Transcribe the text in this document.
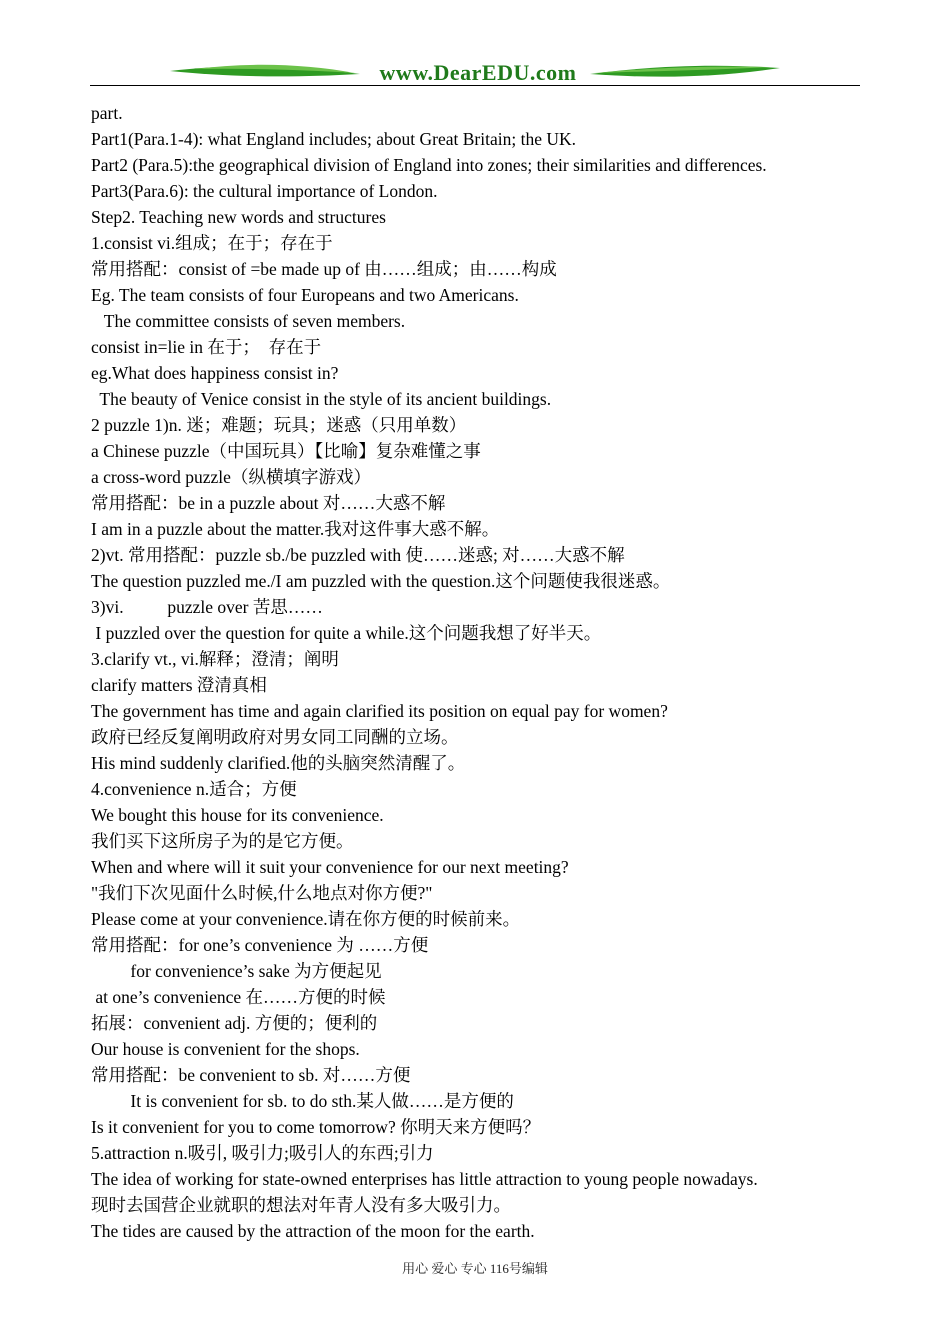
www.DearEDU.com
part.
Part1(Para.1-4): what England includes; about Great Britain; the UK.
Part2 (Para.5):the geographical division of England into zones; their similarities and differences.
Part3(Para.6): the cultural importance of London.
Step2. Teaching new words and structures
1.consist vi.组成；在于；存在于
常用搭配：consist of =be made up of 由……组成；由……构成
Eg. The team consists of four Europeans and two Americans.
The committee consists of seven members.
consist in=lie in 在于；  存在于
eg.What does happiness consist in?
The beauty of Venice consist in the style of its ancient buildings.
2 puzzle 1)n. 迷；难题；玩具；迷惑（只用单数）
a Chinese puzzle（中国玩具）【比喻】复杂难懂之事
a cross-word puzzle（纵横填字游戏）
常用搭配：be in a puzzle about 对……大惑不解
I am in a puzzle about the matter.我对这件事大惑不解。
2)vt. 常用搭配：puzzle sb./be puzzled with 使……迷惑; 对……大惑不解
The question puzzled me./I am puzzled with the question.这个问题使我很迷惑。
3)vi.          puzzle over 苦思……
I puzzled over the question for quite a while.这个问题我想了好半天。
3.clarify vt., vi.解释；澄清；阐明
clarify matters 澄清真相
The government has time and again clarified its position on equal pay for women?
政府已经反复阐明政府对男女同工同酬的立场。
His mind suddenly clarified.他的头脑突然清醒了。
4.convenience n.适合；方便
We bought this house for its convenience.
我们买下这所房子为的是它方便。
When and where will it suit your convenience for our next meeting?
"我们下次见面什么时候,什么地点对你方便?"
Please come at your convenience.请在你方便的时候前来。
常用搭配：for one’s convenience 为 ……方便
for convenience’s sake 为方便起见
at one’s convenience 在……方便的时候
拓展：convenient adj. 方便的；便利的
Our house is convenient for the shops.
常用搭配：be convenient to sb. 对……方便
It is convenient for sb. to do sth.某人做……是方便的
Is it convenient for you to come tomorrow? 你明天来方便吗？
5.attraction n.吸引, 吸引力;吸引人的东西;引力
The idea of working for state-owned enterprises has little attraction to young people nowadays.
现时去国营企业就职的想法对年青人没有多大吸引力。
The tides are caused by the attraction of the moon for the earth.
用心 爱心 专心 116号编辑
